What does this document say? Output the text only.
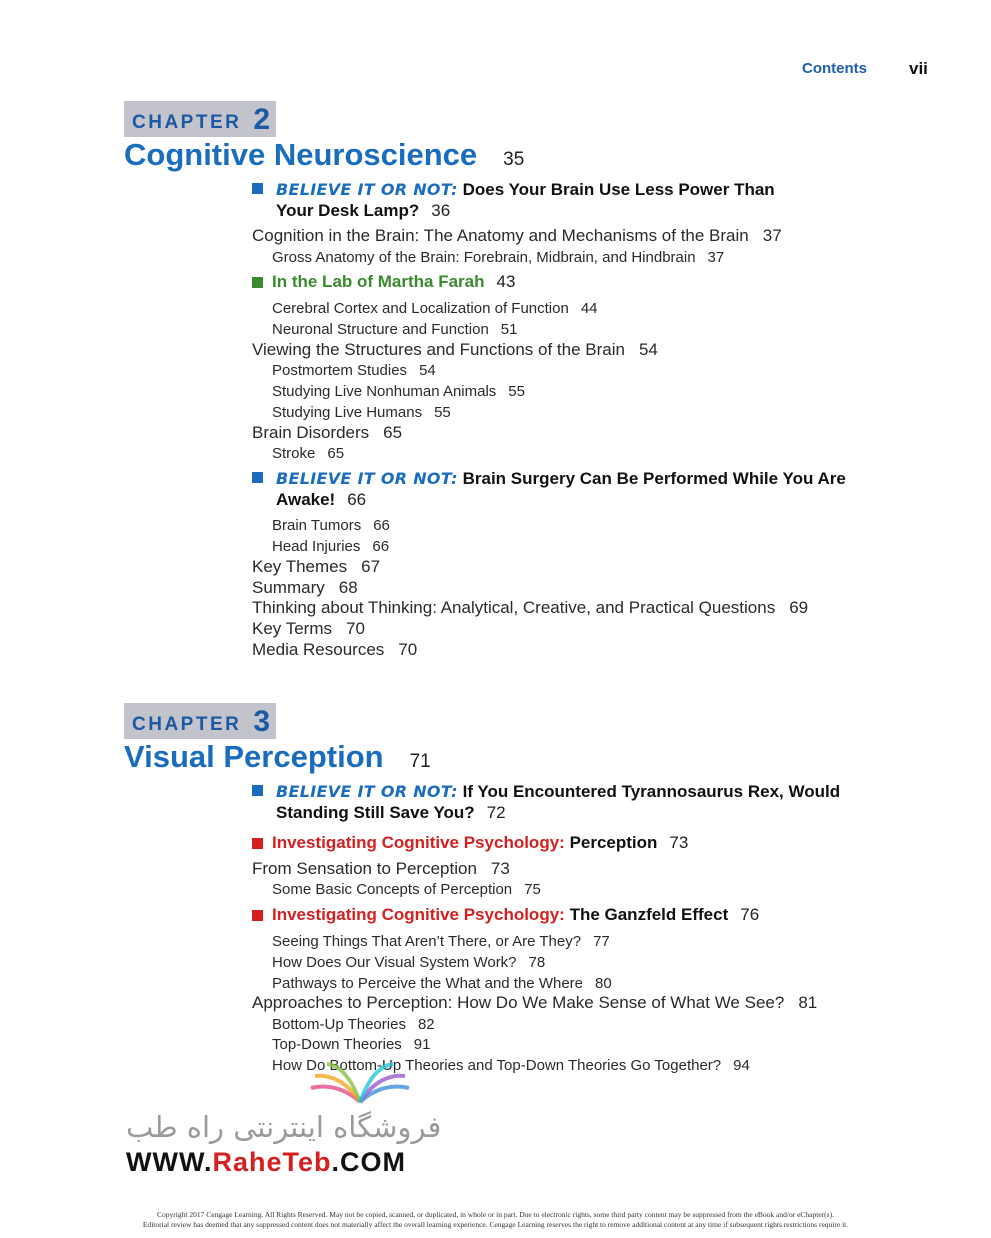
Contents vii
CHAPTER 2
Cognitive Neuroscience 35
BELIEVE IT OR NOT: Does Your Brain Use Less Power Than
Your Desk Lamp? 36
Cognition in the Brain: The Anatomy and Mechanisms of the Brain 37
Gross Anatomy of the Brain: Forebrain, Midbrain, and Hindbrain 37
In the Lab of Martha Farah 43
Cerebral Cortex and Localization of Function 44
Neuronal Structure and Function 51
Viewing the Structures and Functions of the Brain 54
Postmortem Studies 54
Studying Live Nonhuman Animals 55
Studying Live Humans 55
Brain Disorders 65
Stroke 65
BELIEVE IT OR NOT: Brain Surgery Can Be Performed While You Are
Awake! 66
Brain Tumors 66
Head Injuries 66
Key Themes 67
Summary 68
Thinking about Thinking: Analytical, Creative, and Practical Questions 69
Key Terms 70
Media Resources 70
CHAPTER 3
Visual Perception 71
BELIEVE IT OR NOT: If You Encountered Tyrannosaurus Rex, Would
Standing Still Save You? 72
Investigating Cognitive Psychology: Perception 73
From Sensation to Perception 73
Some Basic Concepts of Perception 75
Investigating Cognitive Psychology: The Ganzfeld Effect 76
Seeing Things That Aren’t There, or Are They? 77
How Does Our Visual System Work? 78
Pathways to Perceive the What and the Where 80
Approaches to Perception: How Do We Make Sense of What We See? 81
Bottom-Up Theories 82
Top-Down Theories 91
How Do Bottom-Up Theories and Top-Down Theories Go Together? 94
فروشگاه اینترنتی راه طب
WWW.RaheTeb.COM
Copyright 2017 Cengage Learning. All Rights Reserved. May not be copied, scanned, or duplicated, in whole or in part. Due to electronic rights, some third party content may be suppressed from the eBook and/or eChapter(s).
Editorial review has deemed that any suppressed content does not materially affect the overall learning experience. Cengage Learning reserves the right to remove additional content at any time if subsequent rights restrictions require it.
